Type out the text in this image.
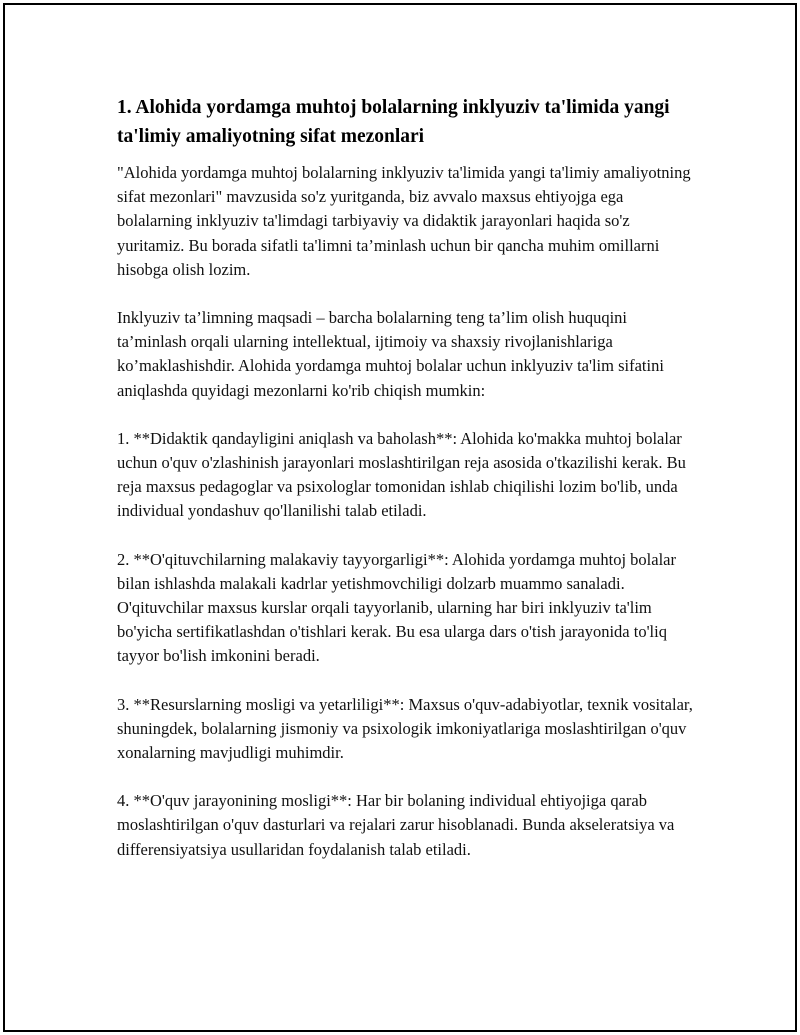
1. Alohida yordamga muhtoj bolalarning inklyuziv ta'limida yangi ta'limiy amaliyotning sifat mezonlari

"Alohida yordamga muhtoj bolalarning inklyuziv ta'limida yangi ta'limiy amaliyotning sifat mezonlari" mavzusida so'z yuritganda, biz avvalo maxsus ehtiyojga ega bolalarning inklyuziv ta'limdagi tarbiyaviy va didaktik jarayonlari haqida so'z yuritamiz. Bu borada sifatli ta'limni ta’minlash uchun bir qancha muhim omillarni hisobga olish lozim.

Inklyuziv ta’limning maqsadi – barcha bolalarning teng ta’lim olish huquqini ta’minlash orqali ularning intellektual, ijtimoiy va shaxsiy rivojlanishlariga ko’maklashishdir. Alohida yordamga muhtoj bolalar uchun inklyuziv ta'lim sifatini aniqlashda quyidagi mezonlarni ko'rib chiqish mumkin:

1. **Didaktik qandayligini aniqlash va baholash**: Alohida ko'makka muhtoj bolalar uchun o'quv o'zlashinish jarayonlari moslashtirilgan reja asosida o'tkazilishi kerak. Bu reja maxsus pedagoglar va psixologlar tomonidan ishlab chiqilishi lozim bo'lib, unda individual yondashuv qo'llanilishi talab etiladi.

2. **O'qituvchilarning malakaviy tayyorgarligi**: Alohida yordamga muhtoj bolalar bilan ishlashda malakali kadrlar yetishmovchiligi dolzarb muammo sanaladi. O'qituvchilar maxsus kurslar orqali tayyorlanib, ularning har biri inklyuziv ta'lim bo'yicha sertifikatlashdan o'tishlari kerak. Bu esa ularga dars o'tish jarayonida to'liq tayyor bo'lish imkonini beradi.

3. **Resurslarning mosligi va yetarliligi**: Maxsus o'quv-adabiyotlar, texnik vositalar, shuningdek, bolalarning jismoniy va psixologik imkoniyatlariga moslashtirilgan o'quv xonalarning mavjudligi muhimdir.

4. **O'quv jarayonining mosligi**: Har bir bolaning individual ehtiyojiga qarab moslashtirilgan o'quv dasturlari va rejalari zarur hisoblanadi. Bunda akseleratsiya va differensiyatsiya usullaridan foydalanish talab etiladi.
